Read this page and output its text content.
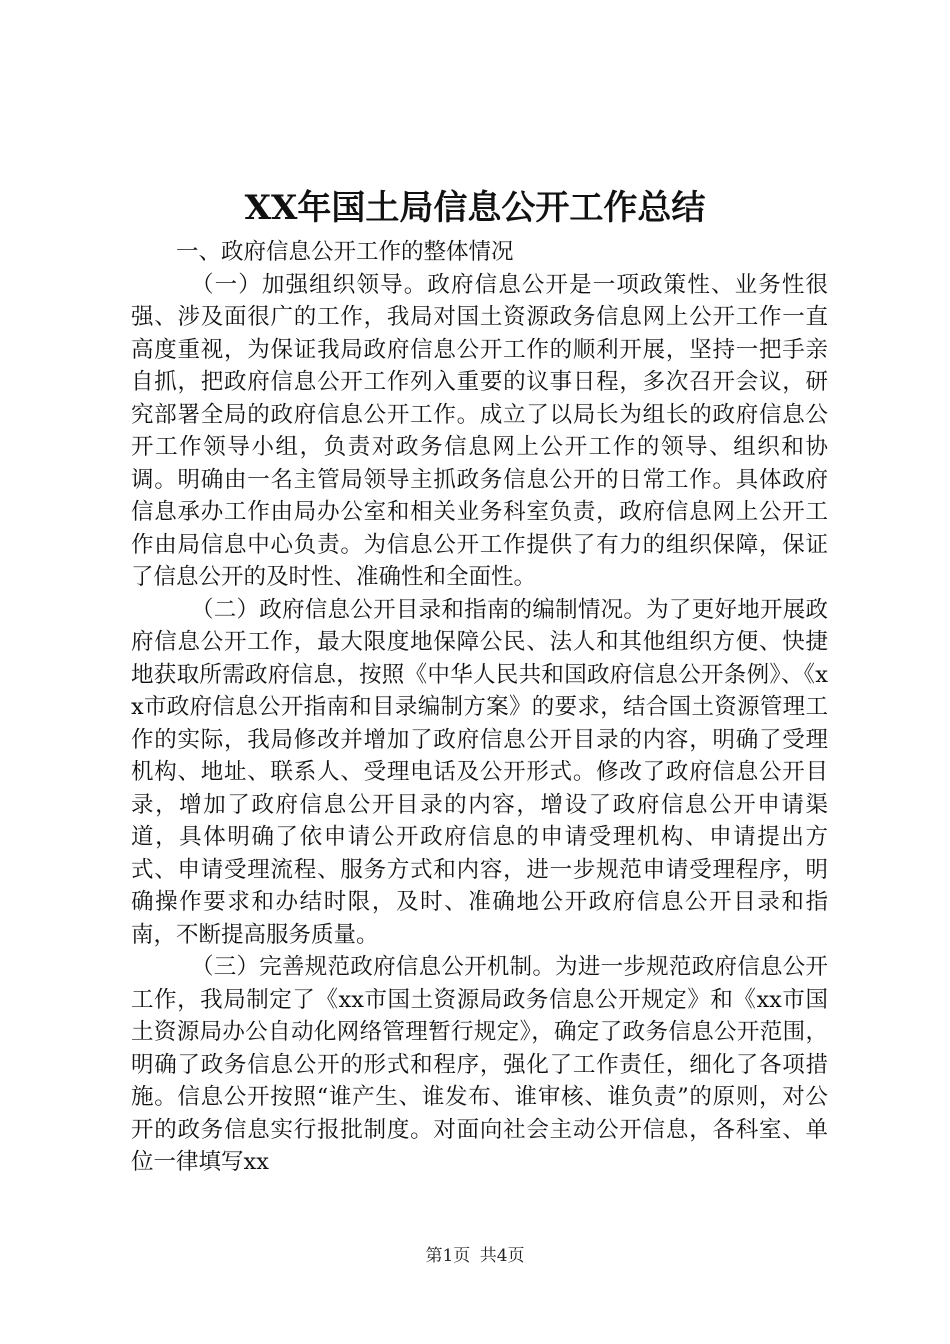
XX年国土局信息公开工作总结

一、政府信息公开工作的整体情况

（一）加强组织领导。政府信息公开是一项政策性、业务性很强、涉及面很广的工作，我局对国土资源政务信息网上公开工作一直高度重视，为保证我局政府信息公开工作的顺利开展，坚持一把手亲自抓，把政府信息公开工作列入重要的议事日程，多次召开会议，研究部署全局的政府信息公开工作。成立了以局长为组长的政府信息公开工作领导小组，负责对政务信息网上公开工作的领导、组织和协调。明确由一名主管局领导主抓政务信息公开的日常工作。具体政府信息承办工作由局办公室和相关业务科室负责，政府信息网上公开工作由局信息中心负责。为信息公开工作提供了有力的组织保障，保证了信息公开的及时性、准确性和全面性。

（二）政府信息公开目录和指南的编制情况。为了更好地开展政府信息公开工作，最大限度地保障公民、法人和其他组织方便、快捷地获取所需政府信息，按照《中华人民共和国政府信息公开条例》、《xx市政府信息公开指南和目录编制方案》的要求，结合国土资源管理工作的实际，我局修改并增加了政府信息公开目录的内容，明确了受理机构、地址、联系人、受理电话及公开形式。修改了政府信息公开目录，增加了政府信息公开目录的内容，增设了政府信息公开申请渠道，具体明确了依申请公开政府信息的申请受理机构、申请提出方式、申请受理流程、服务方式和内容，进一步规范申请受理程序，明确操作要求和办结时限，及时、准确地公开政府信息公开目录和指南，不断提高服务质量。

（三）完善规范政府信息公开机制。为进一步规范政府信息公开工作，我局制定了《xx市国土资源局政务信息公开规定》和《xx市国土资源局办公自动化网络管理暂行规定》，确定了政务信息公开范围，明确了政务信息公开的形式和程序，强化了工作责任，细化了各项措施。信息公开按照“谁产生、谁发布、谁审核、谁负责”的原则，对公开的政务信息实行报批制度。对面向社会主动公开信息，各科室、单位一律填写xx

第1页 共4页
